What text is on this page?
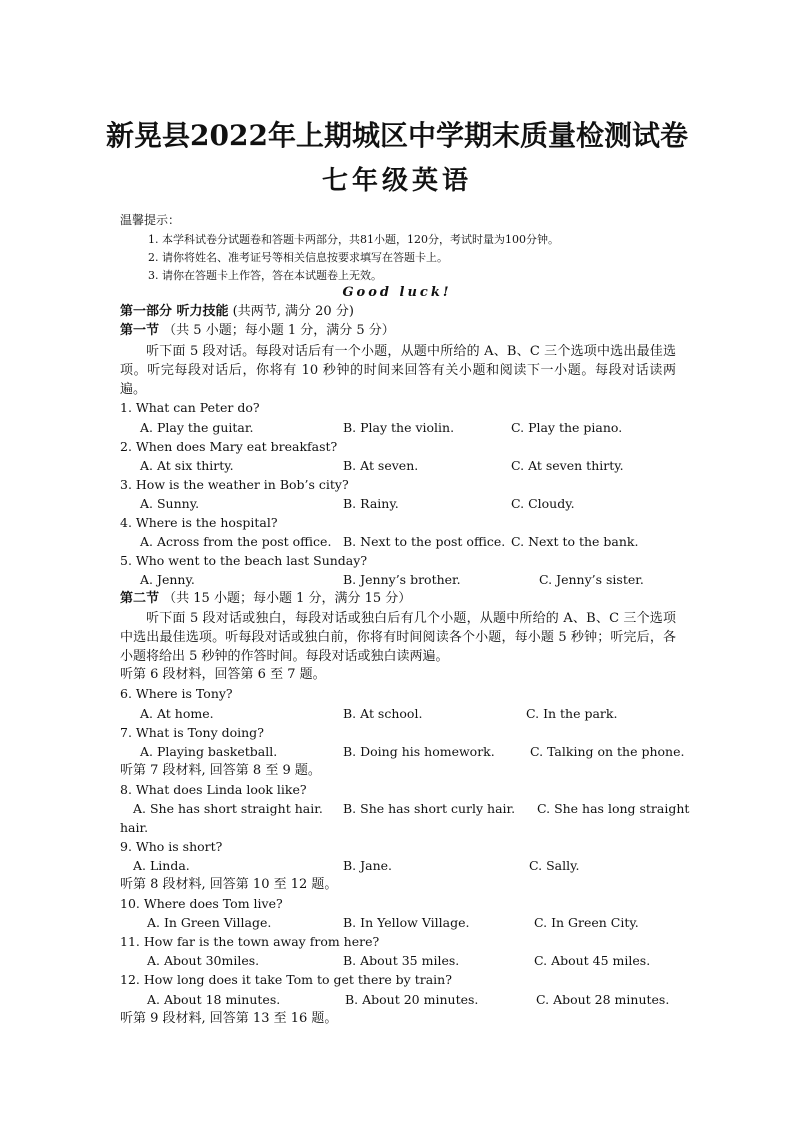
新晃县2022年上期城区中学期末质量检测试卷
七年级英语
温馨提示：
1. 本学科试卷分试题卷和答题卡两部分，共81小题，120分，考试时量为100分钟。
2. 请你将姓名、准考证号等相关信息按要求填写在答题卡上。
3. 请你在答题卡上作答，答在本试题卷上无效。
Good luck!
第一部分 听力技能 (共两节, 满分 20 分)
第一节 （共 5 小题；每小题 1 分，满分 5 分）
听下面 5 段对话。每段对话后有一个小题，从题中所给的 A、B、C 三个选项中选出最佳选项。听完每段对话后，你将有 10 秒钟的时间来回答有关小题和阅读下一小题。每段对话读两遍。
1. What can Peter do?
A. Play the guitar.	B. Play the violin.	C. Play the piano.
2. When does Mary eat breakfast?
A. At six thirty.	B. At seven.	C. At seven thirty.
3. How is the weather in Bob’s city?
A. Sunny.	B. Rainy.	C. Cloudy.
4. Where is the hospital?
A. Across from the post office. B. Next to the post office. C. Next to the bank.
5. Who went to the beach last Sunday?
A. Jenny.	B. Jenny’s brother.	C. Jenny’s sister.
第二节 （共 15 小题；每小题 1 分，满分 15 分）
听下面 5 段对话或独白，每段对话或独白后有几个小题，从题中所给的 A、B、C 三个选项中选出最佳选项。听每段对话或独白前，你将有时间阅读各个小题，每小题 5 秒钟；听完后，各小题将给出 5 秒钟的作答时间。每段对话或独白读两遍。
听第 6 段材料，回答第 6 至 7 题。
6. Where is Tony?
A. At home.	B. At school.	C. In the park.
7. What is Tony doing?
A. Playing basketball.	B. Doing his homework.	C. Talking on the phone.
听第 7 段材料, 回答第 8 至 9 题。
8. What does Linda look like?
A. She has short straight hair. B. She has short curly hair. C. She has long straight
hair.
9. Who is short?
A. Linda.	B. Jane.	C. Sally.
听第 8 段材料, 回答第 10 至 12 题。
10. Where does Tom live?
A. In Green Village.	B. In Yellow Village.	C. In Green City.
11. How far is the town away from here?
A. About 30miles.	B. About 35 miles.	C. About 45 miles.
12. How long does it take Tom to get there by train?
A. About 18 minutes.	B. About 20 minutes.	C. About 28 minutes.
听第 9 段材料, 回答第 13 至 16 题。
